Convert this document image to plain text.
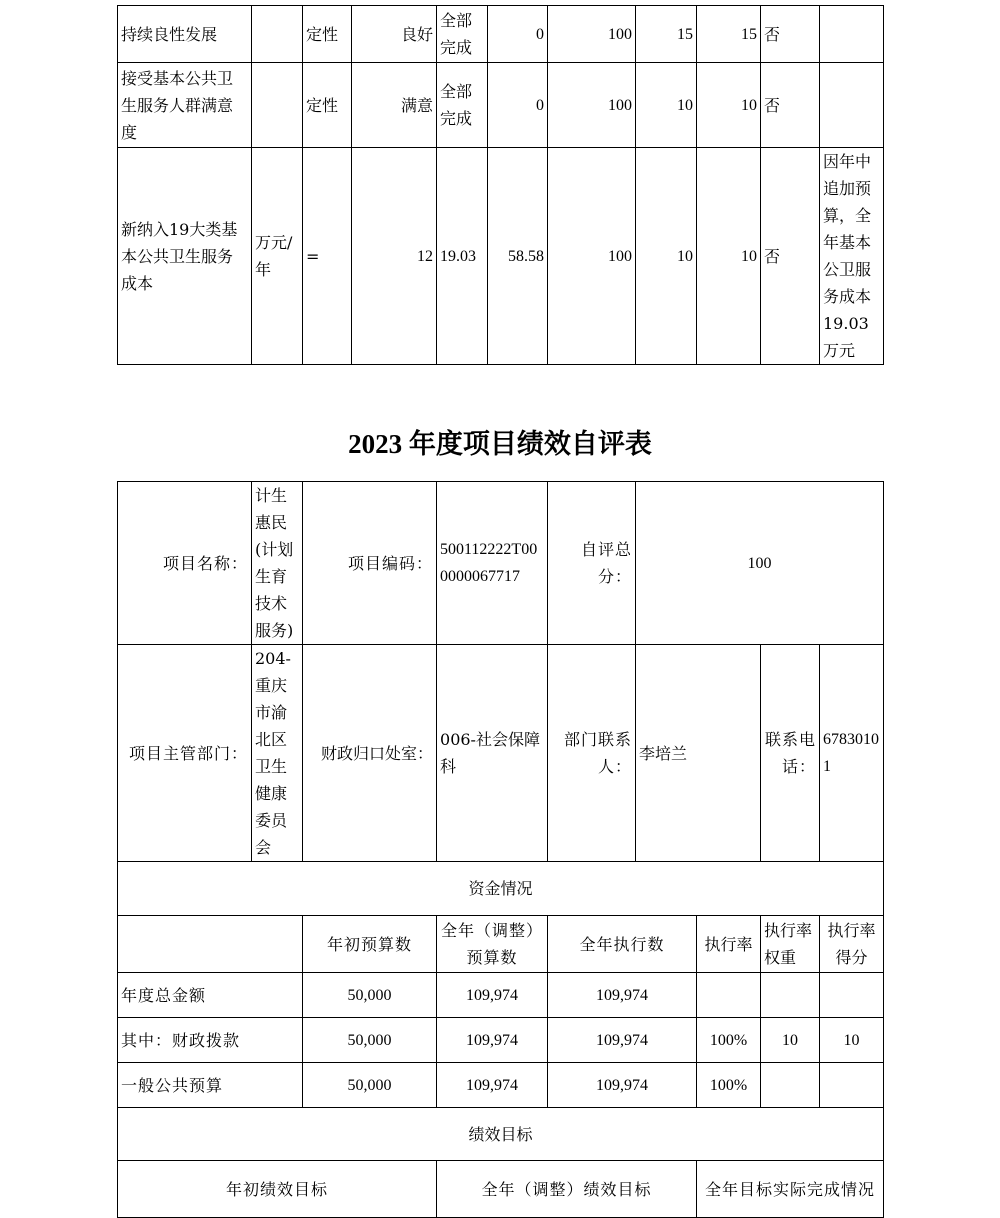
持续良性发展		定性	良好	全部完成	0	100	15	15	否	
接受基本公共卫生服务人群满意度		定性	满意	全部完成	0	100	10	10	否	
新纳入19大类基本公共卫生服务成本	万元/年	=	12	19.03	58.58	100	10	10	否	因年中追加预算，全年基本公卫服务成本19.03万元
2023 年度项目绩效自评表
项目名称：	计生惠民(计划生育技术服务)	项目编码：	500112222T000000067717	自评总分：	100			
项目主管部门：	204-重庆市渝北区卫生健康委员会	财政归口处室：	006-社会保障科	部门联系人：	李培兰		联系电话：	67830101
资金情况								
		年初预算数	全年（调整）预算数	全年执行数		执行率	执行率权重	执行率得分
年度总金额		50,000	109,974	109,974				
其中：财政拨款		50,000	109,974	109,974		100%	10	10
一般公共预算		50,000	109,974	109,974		100%		
绩效目标								
年初绩效目标			全年（调整）绩效目标			全年目标实际完成情况		
